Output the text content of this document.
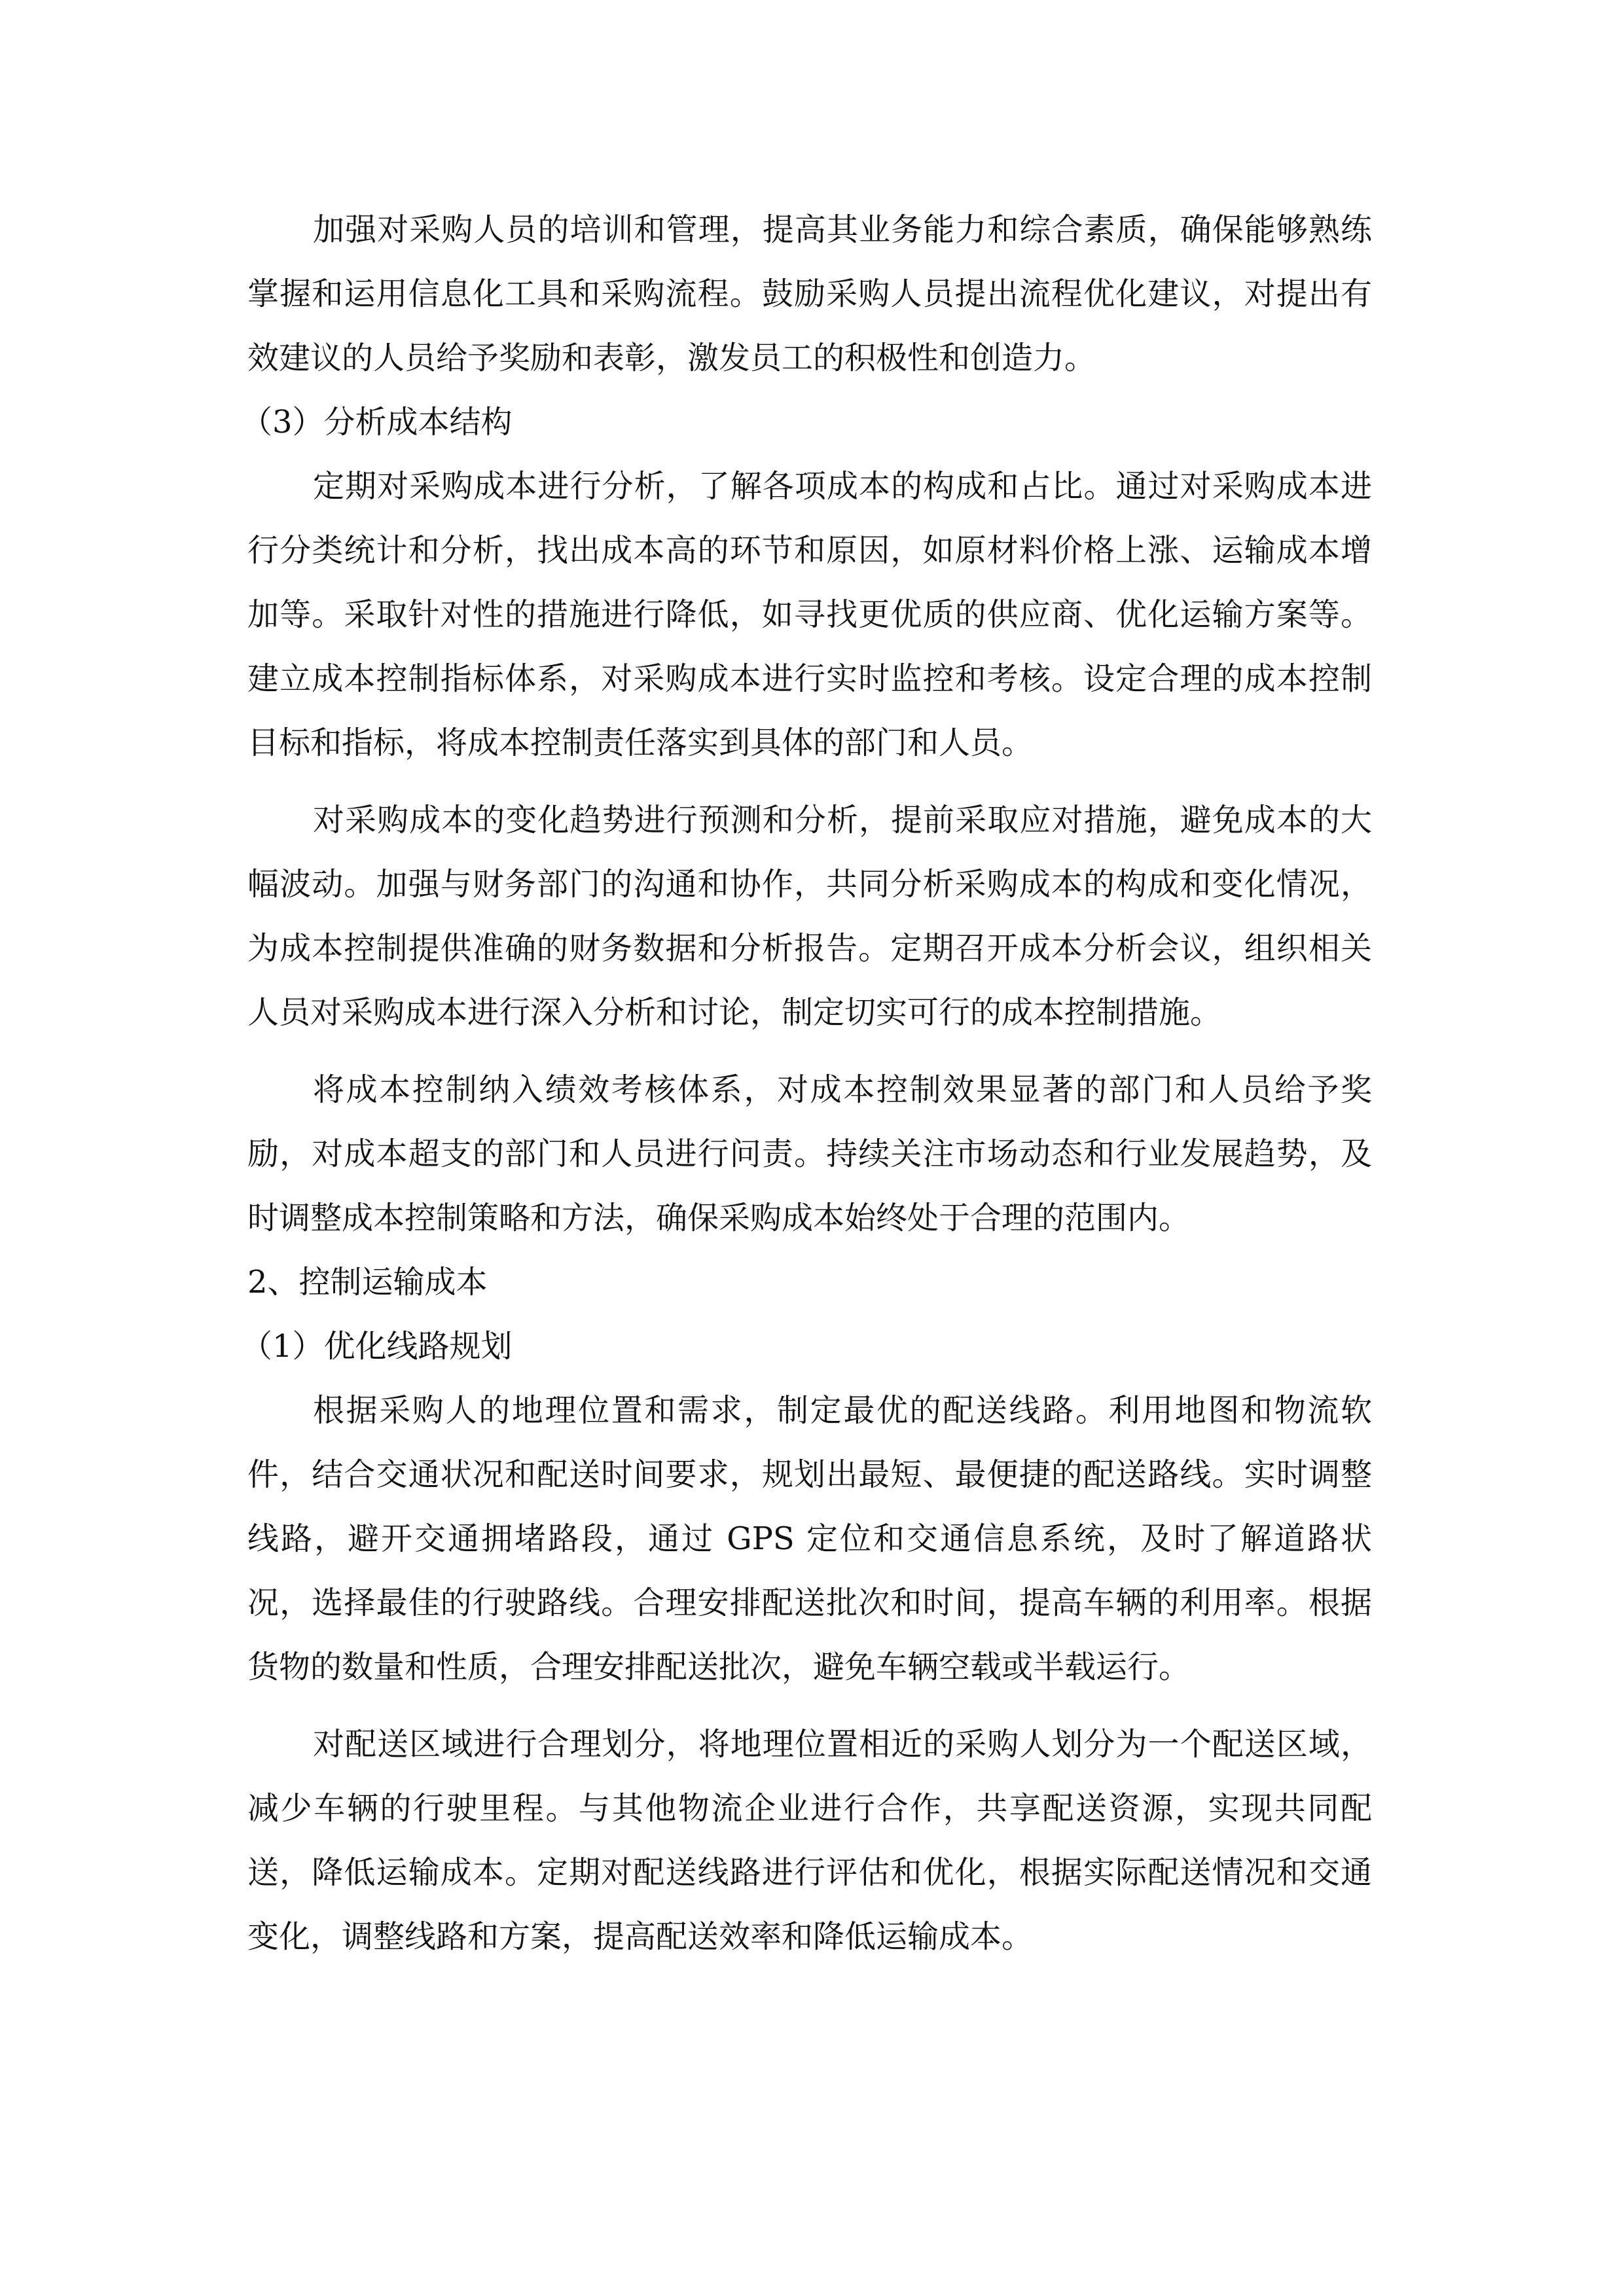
加强对采购人员的培训和管理，提高其业务能力和综合素质，确保能够熟练掌握和运用信息化工具和采购流程。鼓励采购人员提出流程优化建议，对提出有效建议的人员给予奖励和表彰，激发员工的积极性和创造力。

（3）分析成本结构

定期对采购成本进行分析，了解各项成本的构成和占比。通过对采购成本进行分类统计和分析，找出成本高的环节和原因，如原材料价格上涨、运输成本增加等。采取针对性的措施进行降低，如寻找更优质的供应商、优化运输方案等。建立成本控制指标体系，对采购成本进行实时监控和考核。设定合理的成本控制目标和指标，将成本控制责任落实到具体的部门和人员。

对采购成本的变化趋势进行预测和分析，提前采取应对措施，避免成本的大幅波动。加强与财务部门的沟通和协作，共同分析采购成本的构成和变化情况，为成本控制提供准确的财务数据和分析报告。定期召开成本分析会议，组织相关人员对采购成本进行深入分析和讨论，制定切实可行的成本控制措施。

将成本控制纳入绩效考核体系，对成本控制效果显著的部门和人员给予奖励，对成本超支的部门和人员进行问责。持续关注市场动态和行业发展趋势，及时调整成本控制策略和方法，确保采购成本始终处于合理的范围内。

2、控制运输成本

（1）优化线路规划

根据采购人的地理位置和需求，制定最优的配送线路。利用地图和物流软件，结合交通状况和配送时间要求，规划出最短、最便捷的配送路线。实时调整线路，避开交通拥堵路段，通过 GPS 定位和交通信息系统，及时了解道路状况，选择最佳的行驶路线。合理安排配送批次和时间，提高车辆的利用率。根据货物的数量和性质，合理安排配送批次，避免车辆空载或半载运行。

对配送区域进行合理划分，将地理位置相近的采购人划分为一个配送区域，减少车辆的行驶里程。与其他物流企业进行合作，共享配送资源，实现共同配送，降低运输成本。定期对配送线路进行评估和优化，根据实际配送情况和交通变化，调整线路和方案，提高配送效率和降低运输成本。
